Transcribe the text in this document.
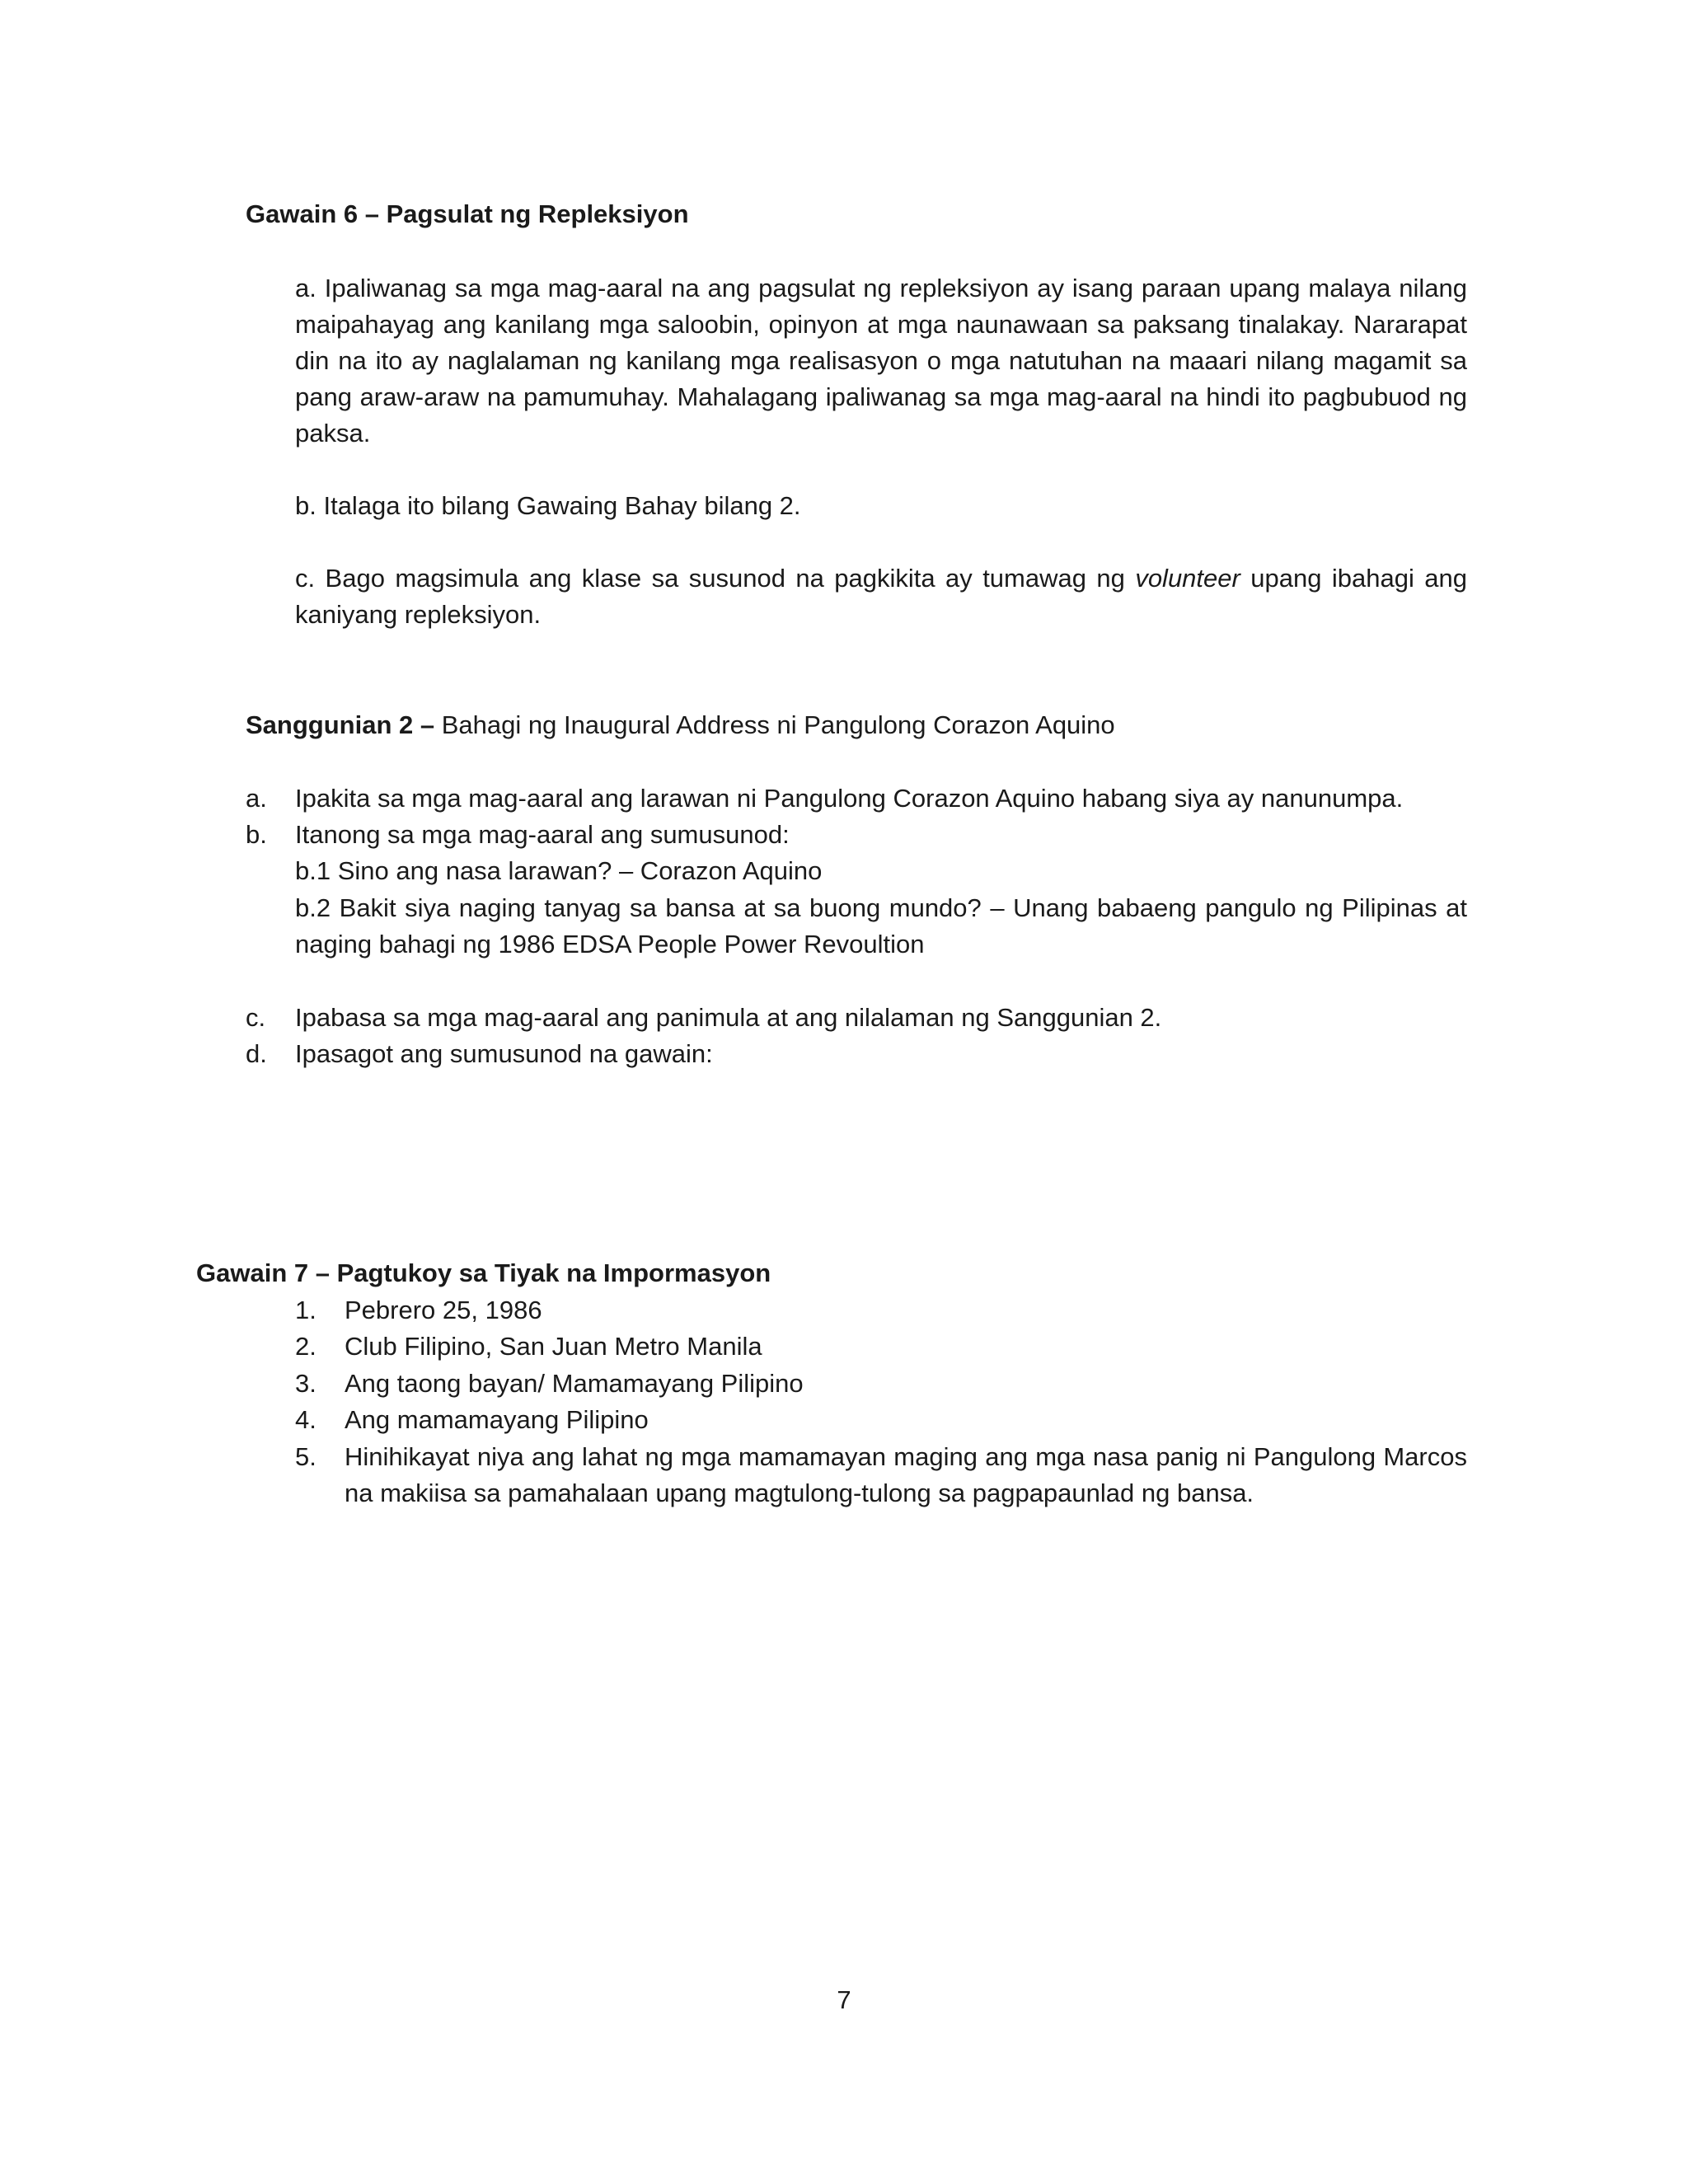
Gawain 6 – Pagsulat ng Repleksiyon

a. Ipaliwanag sa mga mag-aaral na ang pagsulat ng repleksiyon ay isang paraan upang malaya nilang maipahayag ang kanilang mga saloobin, opinyon at mga naunawaan sa paksang tinalakay. Nararapat din na ito ay naglalaman ng kanilang mga realisasyon o mga natutuhan na maaari nilang magamit sa pang araw-araw na pamumuhay. Mahalagang ipaliwanag sa mga mag-aaral na hindi ito pagbubuod ng paksa.

b. Italaga ito bilang Gawaing Bahay bilang 2.

c. Bago magsimula ang klase sa susunod na pagkikita ay tumawag ng volunteer upang ibahagi ang kaniyang repleksiyon.

Sanggunian 2 – Bahagi ng Inaugural Address ni Pangulong Corazon Aquino
a. Ipakita sa mga mag-aaral ang larawan ni Pangulong Corazon Aquino habang siya ay nanunumpa.
b. Itanong sa mga mag-aaral ang sumusunod:
b.1 Sino ang nasa larawan? – Corazon Aquino

b.2 Bakit siya naging tanyag sa bansa at sa buong mundo? – Unang babaeng pangulo ng Pilipinas at naging bahagi ng 1986 EDSA People Power Revoultion

c. Ipabasa sa mga mag-aaral ang panimula at ang nilalaman ng Sanggunian 2.
d. Ipasagot ang sumusunod na gawain:
Gawain 7 – Pagtukoy sa Tiyak na Impormasyon
1. Pebrero 25, 1986
2. Club Filipino, San Juan Metro Manila
3. Ang taong bayan/ Mamamayang Pilipino
4. Ang mamamayang Pilipino
5. Hinihikayat niya ang lahat ng mga mamamayan maging ang mga nasa panig ni Pangulong Marcos na makiisa sa pamahalaan upang magtulong-tulong sa pagpapaunlad ng bansa.
7
